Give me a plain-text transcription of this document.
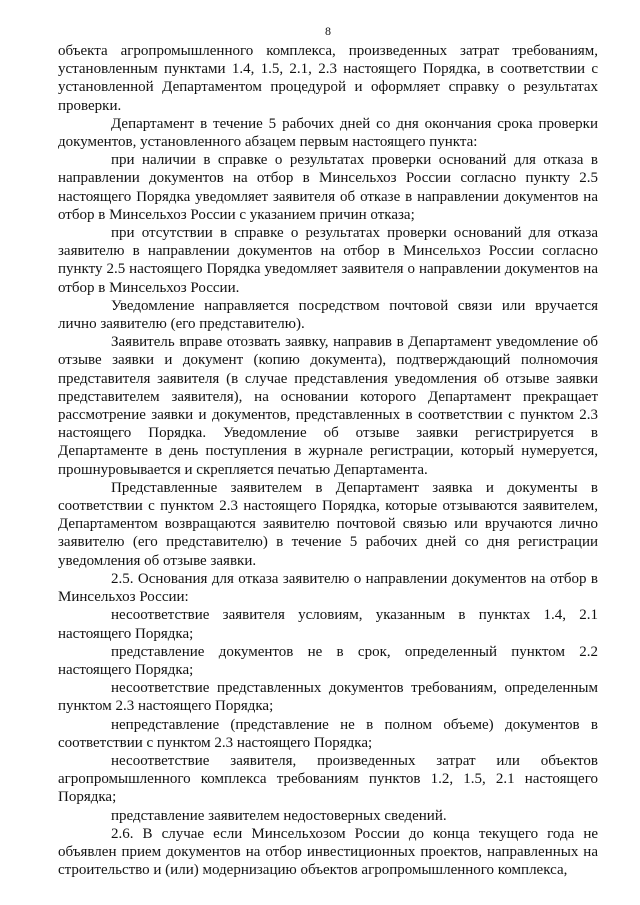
8

объекта агропромышленного комплекса, произведенных затрат требованиям, установленным пунктами 1.4, 1.5, 2.1, 2.3 настоящего Порядка, в соответствии с установленной Департаментом процедурой и оформляет справку о результатах проверки.

Департамент в течение 5 рабочих дней со дня окончания срока проверки документов, установленного абзацем первым настоящего пункта:

при наличии в справке о результатах проверки оснований для отказа в направлении документов на отбор в Минсельхоз России согласно пункту 2.5 настоящего Порядка уведомляет заявителя об отказе в направлении документов на отбор в Минсельхоз России с указанием причин отказа;

при отсутствии в справке о результатах проверки оснований для отказа заявителю в направлении документов на отбор в Минсельхоз России согласно пункту 2.5 настоящего Порядка уведомляет заявителя о направлении документов на отбор в Минсельхоз России.

Уведомление направляется посредством почтовой связи или вручается лично заявителю (его представителю).

Заявитель вправе отозвать заявку, направив в Департамент уведомление об отзыве заявки и документ (копию документа), подтверждающий полномочия представителя заявителя (в случае представления уведомления об отзыве заявки представителем заявителя), на основании которого Департамент прекращает рассмотрение заявки и документов, представленных в соответствии с пунктом 2.3 настоящего Порядка. Уведомление об отзыве заявки регистрируется в Департаменте в день поступления в журнале регистрации, который нумеруется, прошнуровывается и скрепляется печатью Департамента.

Представленные заявителем в Департамент заявка и документы в соответствии с пунктом 2.3 настоящего Порядка, которые отзываются заявителем, Департаментом возвращаются заявителю почтовой связью или вручаются лично заявителю (его представителю) в течение 5 рабочих дней со дня регистрации уведомления об отзыве заявки.

2.5. Основания для отказа заявителю о направлении документов на отбор в Минсельхоз России:

несоответствие заявителя условиям, указанным в пунктах 1.4, 2.1 настоящего Порядка;

представление документов не в срок, определенный пунктом 2.2 настоящего Порядка;

несоответствие представленных документов требованиям, определенным пунктом 2.3 настоящего Порядка;

непредставление (представление не в полном объеме) документов в соответствии с пунктом 2.3 настоящего Порядка;

несоответствие заявителя, произведенных затрат или объектов агропромышленного комплекса требованиям пунктов 1.2, 1.5, 2.1 настоящего Порядка;

представление заявителем недостоверных сведений.

2.6. В случае если Минсельхозом России до конца текущего года не объявлен прием документов на отбор инвестиционных проектов, направленных на строительство и (или) модернизацию объектов агропромышленного комплекса,
